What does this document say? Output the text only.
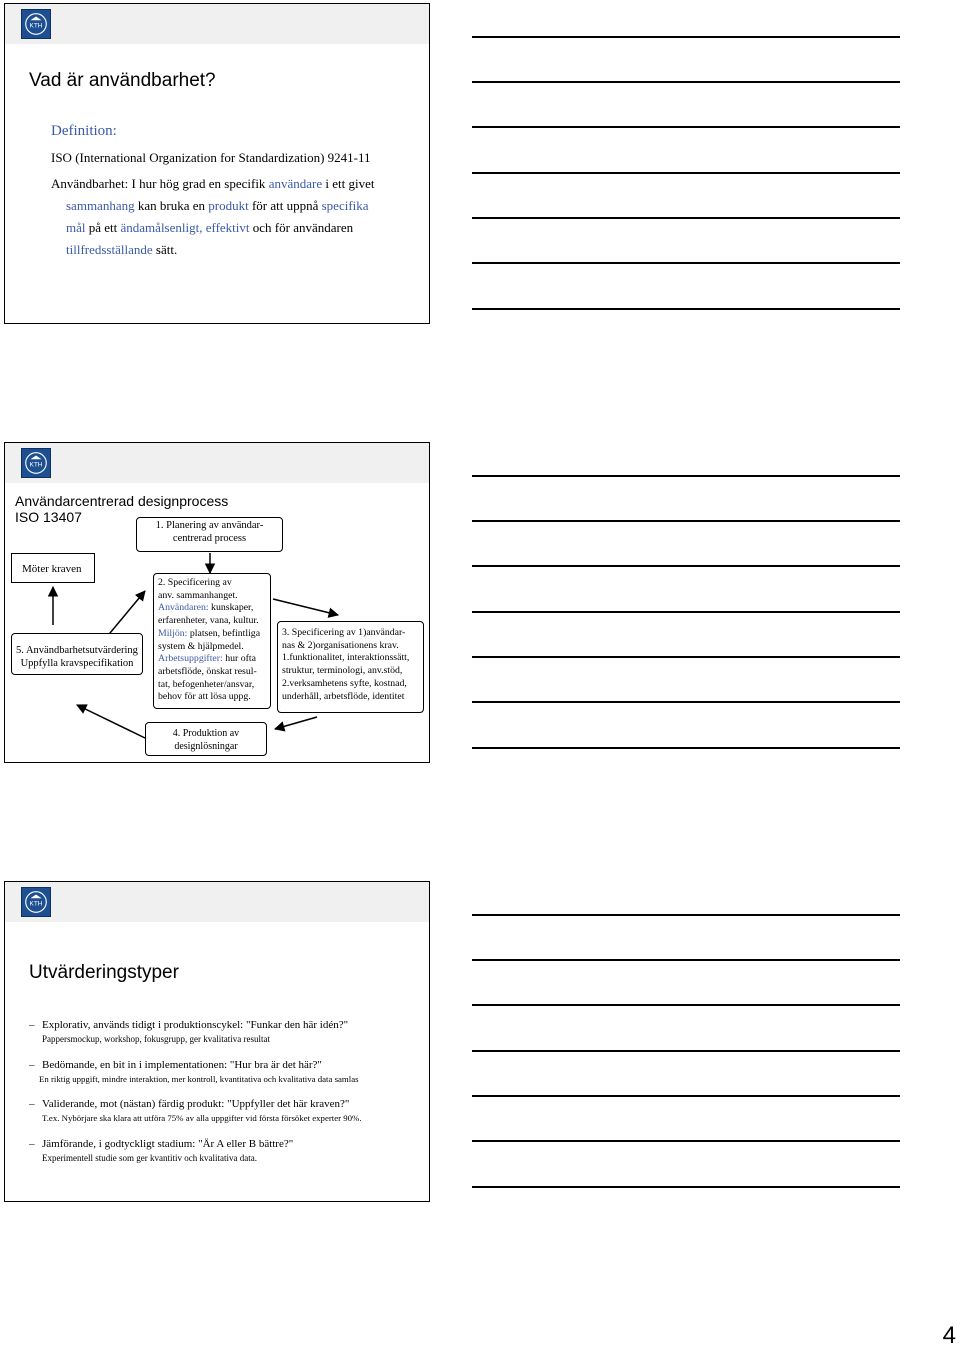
KTH
Vad är användbarhet?
Definition:
ISO (International Organization for Standardization) 9241-11
Användbarhet: I hur hög grad en specifik användare i ett givet
sammanhang kan bruka en produkt för att uppnå specifika
mål på ett ändamålsenligt, effektivt och för användaren
tillfredsställande sätt.
KTH
Användarcentrerad designprocess
ISO 13407
1. Planering av användar-
centrerad process
Möter kraven
5. Användbarhetsutvärdering
Uppfylla kravspecifikation
2. Specificering av
anv. sammanhanget.
Användaren: kunskaper,
erfarenheter, vana, kultur.
Miljön: platsen, befintliga
system & hjälpmedel.
Arbetsuppgifter: hur ofta
arbetsflöde, önskat resul-
tat, befogenheter/ansvar,
behov för att lösa uppg.
3. Specificering av 1)användar-
nas & 2)organisationens krav.
1.funktionalitet, interaktionssätt,
struktur, terminologi, anv.stöd,
2.verksamhetens syfte, kostnad,
underhåll, arbetsflöde, identitet
4. Produktion av
designlösningar
KTH
Utvärderingstyper
– Explorativ, används tidigt i produktionscykel: "Funkar den här idén?"
Pappersmockup, workshop, fokusgrupp, ger kvalitativa resultat
– Bedömande, en bit in i implementationen: "Hur bra är det här?"
En riktig uppgift, mindre interaktion, mer kontroll, kvantitativa och kvalitativa data samlas
– Validerande, mot (nästan) färdig produkt: "Uppfyller det här kraven?"
T.ex. Nybörjare ska klara att utföra 75% av alla uppgifter vid första försöket experter 90%.
– Jämförande, i godtyckligt stadium: "Är A eller B bättre?"
Experimentell studie som ger kvantitiv och kvalitativa data.
4
